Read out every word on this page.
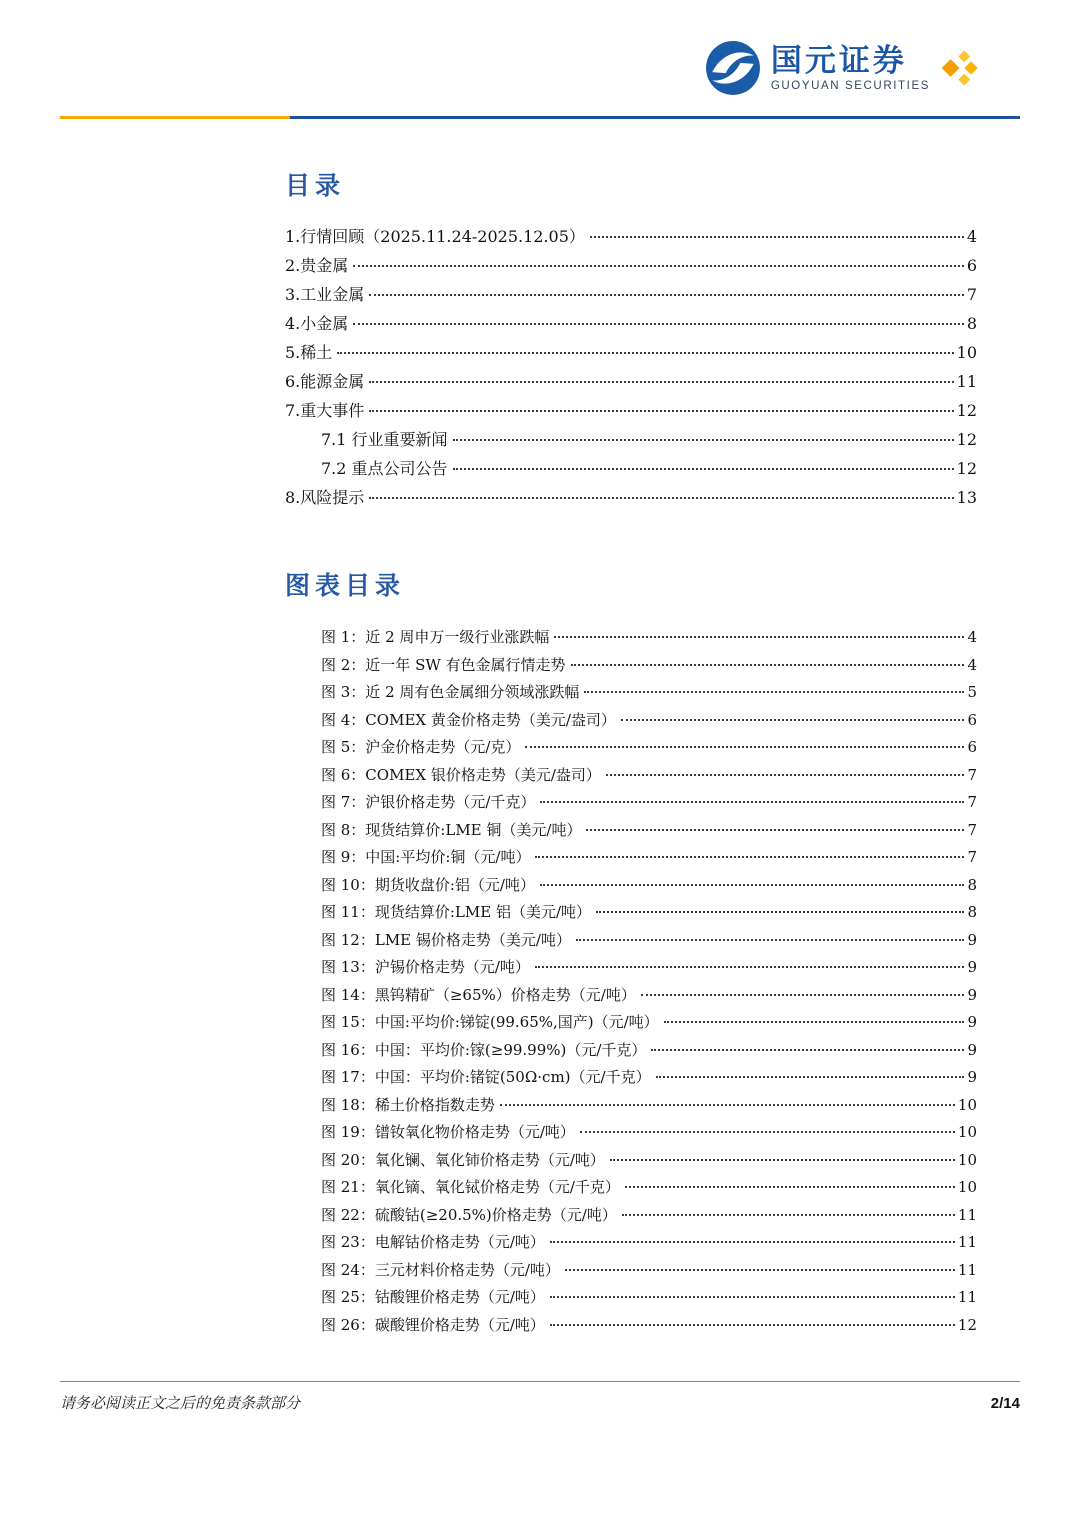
国元证券
GUOYUAN SECURITIES
目录
1.行情回顾（2025.11.24-2025.12.05）	4
2.贵金属	6
3.工业金属	7
4.小金属	8
5.稀土	10
6.能源金属	11
7.重大事件	12
7.1 行业重要新闻	12
7.2 重点公司公告	12
8.风险提示	13
图表目录
图 1：近 2 周申万一级行业涨跌幅	4
图 2：近一年 SW 有色金属行情走势	4
图 3：近 2 周有色金属细分领域涨跌幅	5
图 4：COMEX 黄金价格走势（美元/盎司）	6
图 5：沪金价格走势（元/克）	6
图 6：COMEX 银价格走势（美元/盎司）	7
图 7：沪银价格走势（元/千克）	7
图 8：现货结算价:LME 铜（美元/吨）	7
图 9：中国:平均价:铜（元/吨）	7
图 10：期货收盘价:铝（元/吨）	8
图 11：现货结算价:LME 铝（美元/吨）	8
图 12：LME 锡价格走势（美元/吨）	9
图 13：沪锡价格走势（元/吨）	9
图 14：黑钨精矿（≥65%）价格走势（元/吨）	9
图 15：中国:平均价:锑锭(99.65%,国产)（元/吨）	9
图 16：中国：平均价:镓(≥99.99%)（元/千克）	9
图 17：中国：平均价:锗锭(50Ω·cm)（元/千克）	9
图 18：稀土价格指数走势	10
图 19：镨钕氧化物价格走势（元/吨）	10
图 20：氧化镧、氧化铈价格走势（元/吨）	10
图 21：氧化镝、氧化铽价格走势（元/千克）	10
图 22：硫酸钴(≥20.5%)价格走势（元/吨）	11
图 23：电解钴价格走势（元/吨）	11
图 24：三元材料价格走势（元/吨）	11
图 25：钴酸锂价格走势（元/吨）	11
图 26：碳酸锂价格走势（元/吨）	12
请务必阅读正文之后的免责条款部分	2/14
